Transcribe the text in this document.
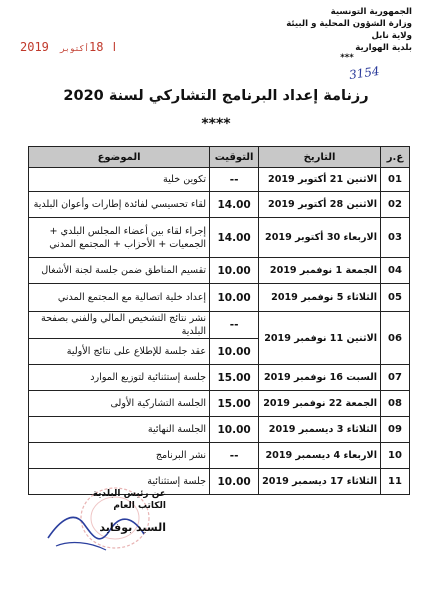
الجمهورية التونسية
وزارة الشؤون المحلية و البيئة
ولاية نابل
بلدية الهوارية
***
3154
2019 ا 18أكتوبر
رزنامة إعداد البرنامج التشاركي لسنة 2020
****
ع.ر	التاريخ	التوقيت	الموضوع
01	الاثنين 21 أكتوبر 2019	--	تكوين خلية
02	الاثنين 28 أكتوبر 2019	14.00	لقاء تحسيسي لفائدة إطارات وأعوان البلدية
03	الاربعاء 30 أكتوبر 2019	14.00	إجراء لقاء بين أعضاء المجلس البلدي + الجمعيات + الأحزاب + المجتمع المدني
04	الجمعة 1 نوفمبر 2019	10.00	تقسيم المناطق ضمن جلسة لجنة الأشغال
05	الثلاثاء 5 نوفمبر 2019	10.00	إعداد خلية اتصالية مع المجتمع المدني
06	الاثنين 11 نوفمبر 2019	--	نشر نتائج التشخيص المالي والفني بصفحة البلدية
		10.00	عقد جلسة للإطلاع على نتائج الأولية
07	السبت 16 نوفمبر 2019	15.00	جلسة إستثنائية لتوزيع الموارد
08	الجمعة 22 نوفمبر 2019	15.00	الجلسة التشاركية الأولى
09	الثلاثاء 3 ديسمبر 2019	10.00	الجلسة النهائية
10	الاربعاء 4 ديسمبر 2019	--	نشر البرنامج
11	الثلاثاء 17 ديسمبر 2019	10.00	جلسة إستثنائية
عن رئيس البلدية
الكاتب العام
السيد بوفايد
